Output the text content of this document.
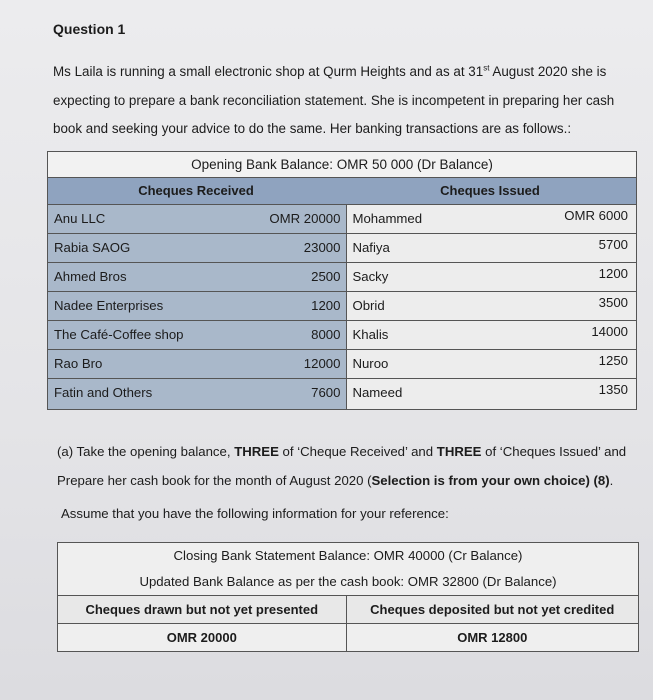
Question 1
Ms Laila is running a small electronic shop at Qurm Heights and as at 31st August 2020 she is expecting to prepare a bank reconciliation statement. She is incompetent in preparing her cash book and seeking your advice to do the same. Her banking transactions are as follows.:
Opening Bank Balance: OMR 50 000 (Dr Balance)
Cheques Received	Cheques Issued
Anu LLC	OMR 20000 Mohammed	OMR 6000
Rabia SAOG	23000 Nafiya	5700
Ahmed Bros	2500 Sacky	1200
Nadee Enterprises	1200 Obrid	3500
The Café-Coffee shop	8000 Khalis	14000
Rao Bro	12000 Nuroo	1250
Fatin and Others	7600 Nameed	1350
(a) Take the opening balance, THREE of ‘Cheque Received’ and THREE of ‘Cheques Issued’ and Prepare her cash book for the month of August 2020 (Selection is from your own choice) (8).
Assume that you have the following information for your reference:
Closing Bank Statement Balance: OMR 40000 (Cr Balance)
Updated Bank Balance as per the cash book: OMR 32800 (Dr Balance)
Cheques drawn but not yet presented	Cheques deposited but not yet credited
OMR 20000	OMR 12800
